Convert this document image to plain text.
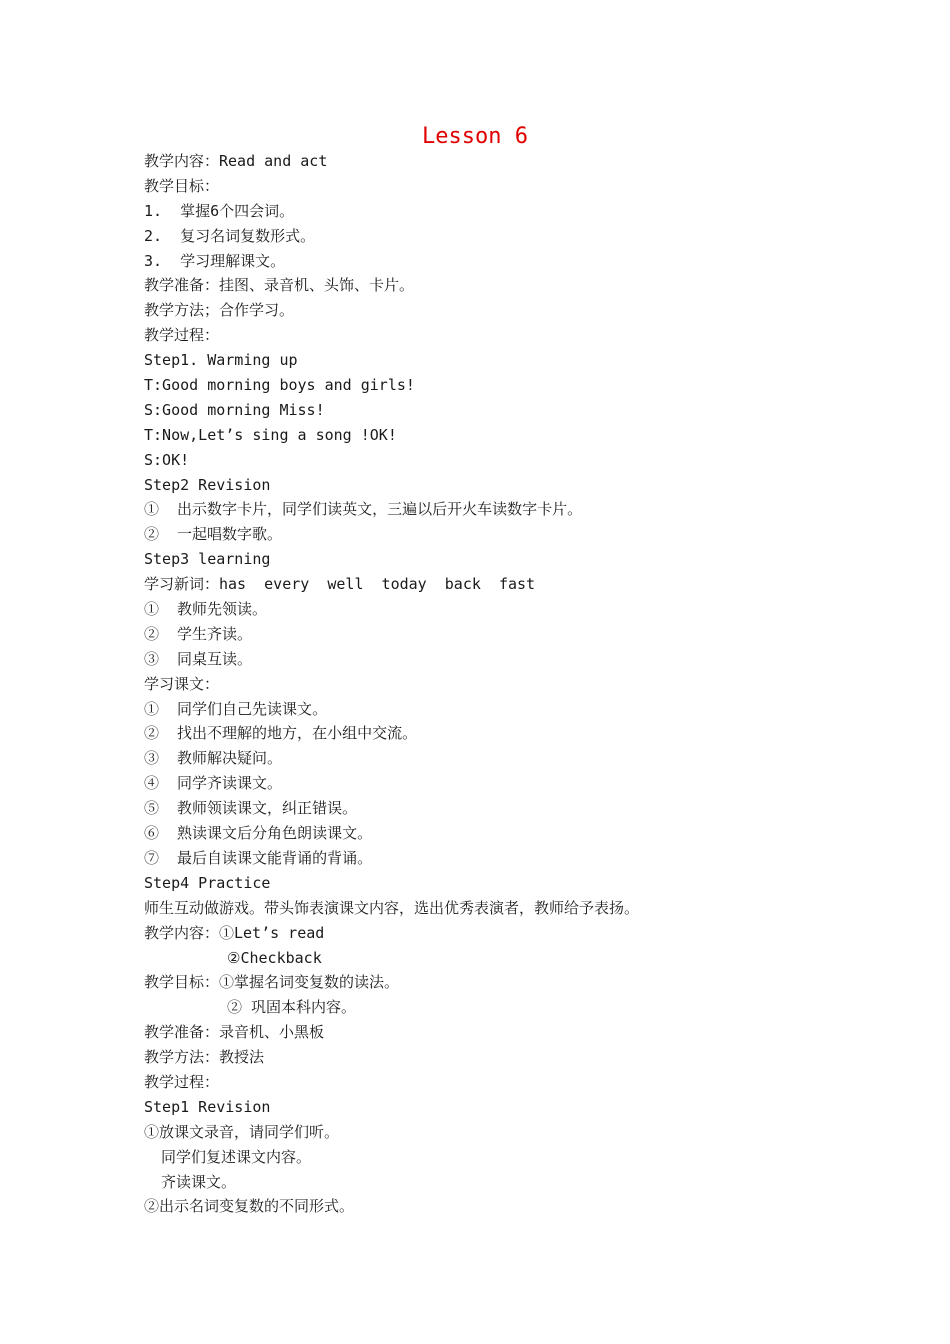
Lesson 6
教学内容：Read and act
教学目标：
1.  掌握6个四会词。
2.  复习名词复数形式。
3.  学习理解课文。
教学准备：挂图、录音机、头饰、卡片。
教学方法；合作学习。
教学过程：
Step1. Warming up
T:Good morning boys and girls!
S:Good morning Miss!
T:Now,Let’s sing a song !OK!
S:OK!
Step2 Revision
①  出示数字卡片，同学们读英文，三遍以后开火车读数字卡片。
②  一起唱数字歌。
Step3 learning
学习新词：has  every  well  today  back  fast
①  教师先领读。
②  学生齐读。
③  同桌互读。
学习课文：
①  同学们自己先读课文。
②  找出不理解的地方，在小组中交流。
③  教师解决疑问。
④  同学齐读课文。
⑤  教师领读课文，纠正错误。
⑥  熟读课文后分角色朗读课文。
⑦  最后自读课文能背诵的背诵。
Step4 Practice
师生互动做游戏。带头饰表演课文内容，选出优秀表演者，教师给予表扬。
教学内容：①Let’s read
②Checkback
教学目标：①掌握名词变复数的读法。
② 巩固本科内容。
教学准备：录音机、小黑板
教学方法：教授法
教学过程：
Step1 Revision
①放课文录音，请同学们听。
同学们复述课文内容。
齐读课文。
②出示名词变复数的不同形式。
